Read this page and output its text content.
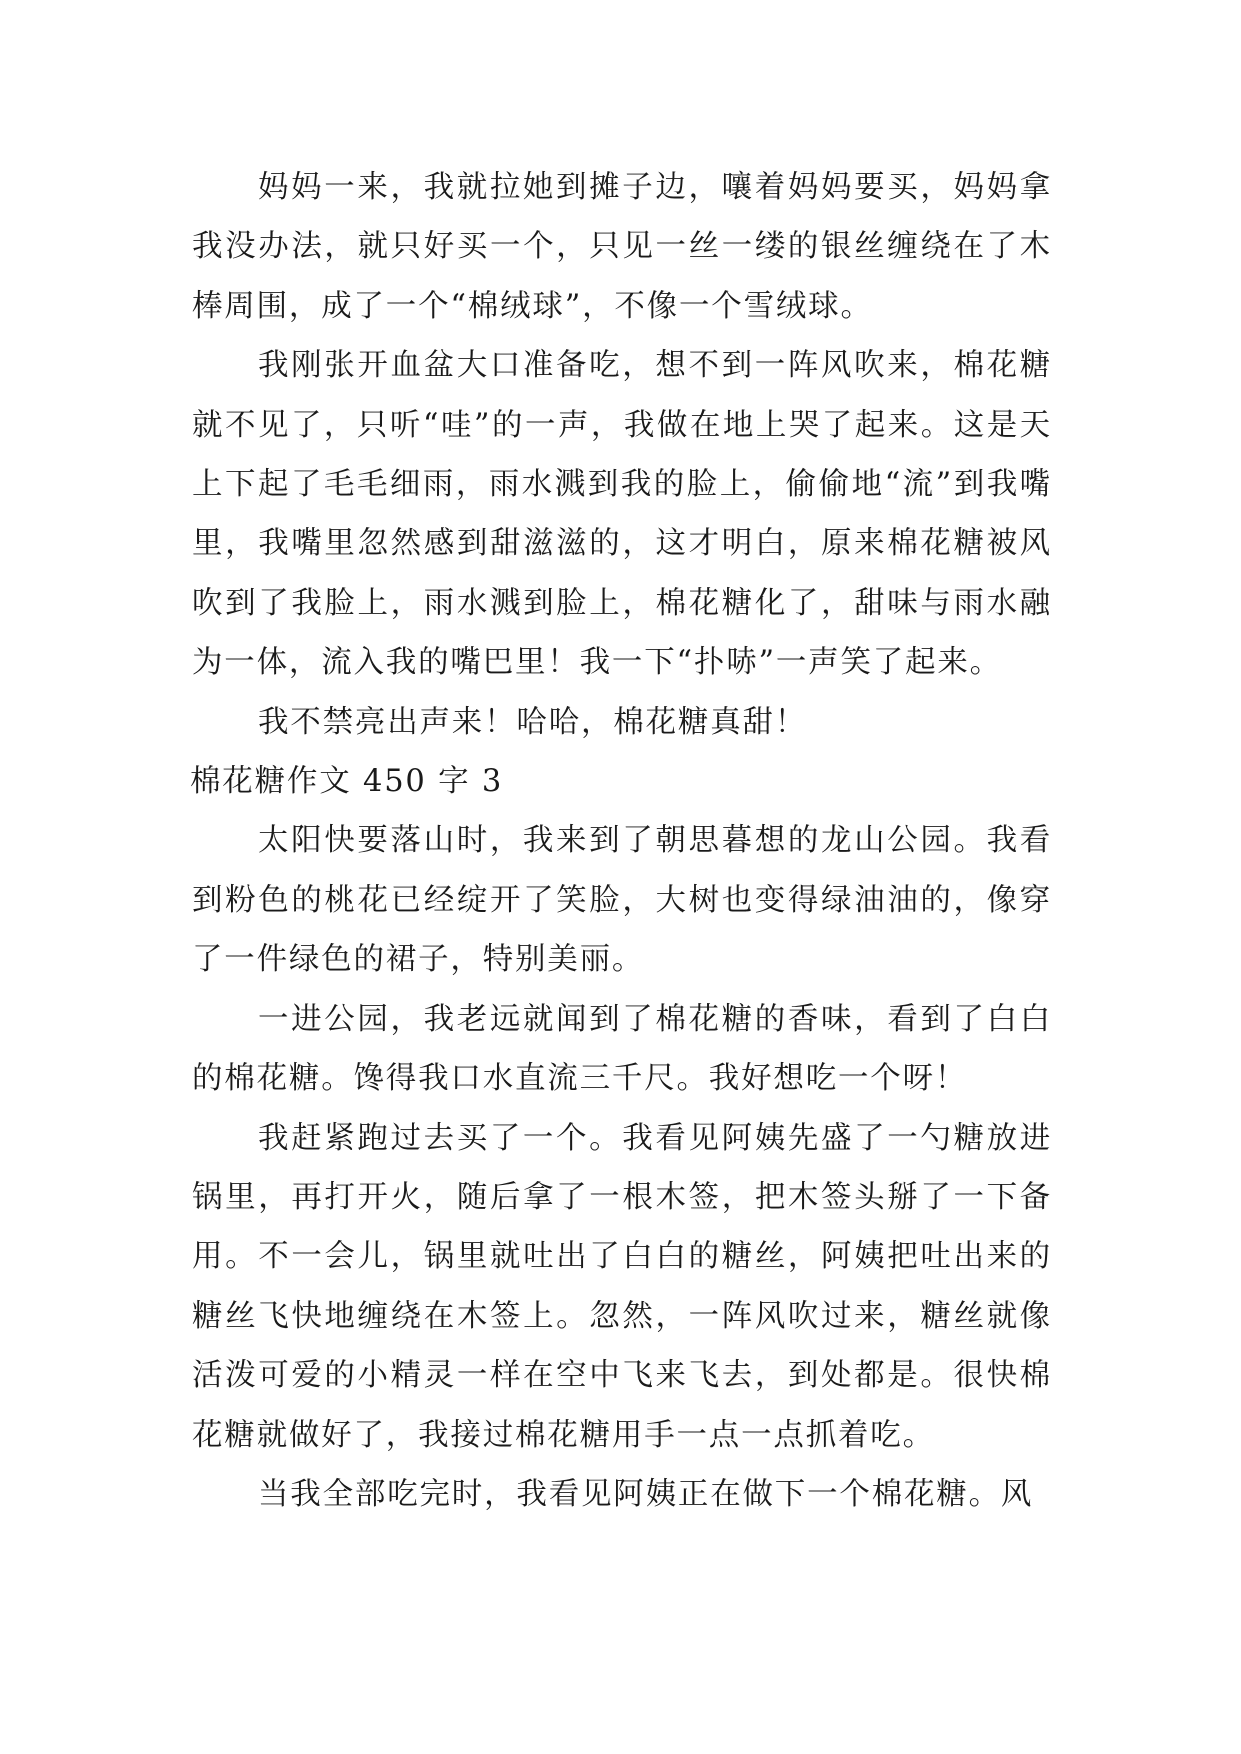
妈妈一来，我就拉她到摊子边，嚷着妈妈要买，妈妈拿我没办法，就只好买一个，只见一丝一缕的银丝缠绕在了木棒周围，成了一个“棉绒球”，不像一个雪绒球。

我刚张开血盆大口准备吃，想不到一阵风吹来，棉花糖就不见了，只听“哇”的一声，我做在地上哭了起来。这是天上下起了毛毛细雨，雨水溅到我的脸上，偷偷地“流”到我嘴里，我嘴里忽然感到甜滋滋的，这才明白，原来棉花糖被风吹到了我脸上，雨水溅到脸上，棉花糖化了，甜味与雨水融为一体，流入我的嘴巴里！我一下“扑哧”一声笑了起来。

我不禁亮出声来！哈哈，棉花糖真甜！

棉花糖作文 450 字 3

太阳快要落山时，我来到了朝思暮想的龙山公园。我看到粉色的桃花已经绽开了笑脸，大树也变得绿油油的，像穿了一件绿色的裙子，特别美丽。

一进公园，我老远就闻到了棉花糖的香味，看到了白白的棉花糖。馋得我口水直流三千尺。我好想吃一个呀！

我赶紧跑过去买了一个。我看见阿姨先盛了一勺糖放进锅里，再打开火，随后拿了一根木签，把木签头掰了一下备用。不一会儿，锅里就吐出了白白的糖丝，阿姨把吐出来的糖丝飞快地缠绕在木签上。忽然，一阵风吹过来，糖丝就像活泼可爱的小精灵一样在空中飞来飞去，到处都是。很快棉花糖就做好了，我接过棉花糖用手一点一点抓着吃。

当我全部吃完时，我看见阿姨正在做下一个棉花糖。风
